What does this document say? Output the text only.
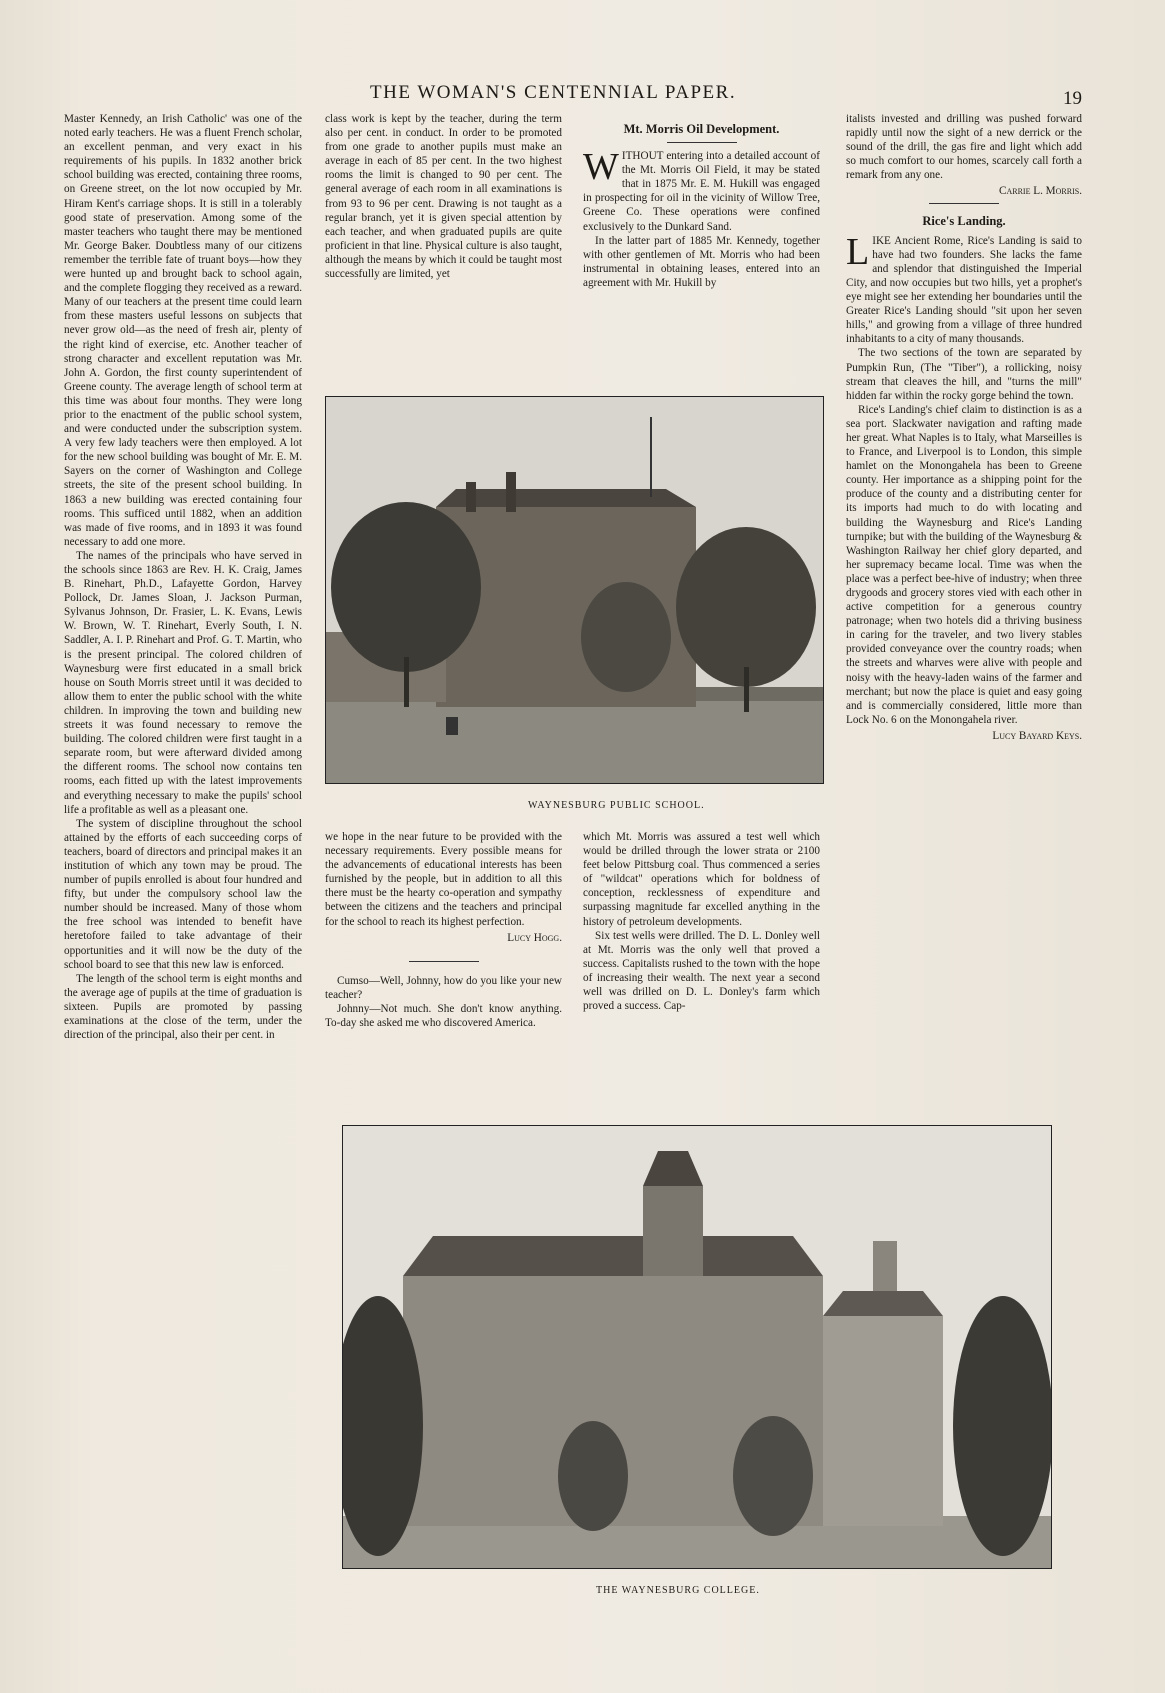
THE WOMAN'S CENTENNIAL PAPER.	19

Master Kennedy, an Irish Catholic' was one of the noted early teachers. He was a fluent French scholar, an excellent penman, and very exact in his requirements of his pupils. In 1832 another brick school building was erected, containing three rooms, on Greene street, on the lot now occupied by Mr. Hiram Kent's carriage shops. It is still in a tolerably good state of preservation. Among some of the master teachers who taught there may be mentioned Mr. George Baker. Doubtless many of our citizens remember the terrible fate of truant boys—how they were hunted up and brought back to school again, and the complete flogging they received as a reward. Many of our teachers at the present time could learn from these masters useful lessons on subjects that never grow old—as the need of fresh air, plenty of the right kind of exercise, etc. Another teacher of strong character and excellent reputation was Mr. John A. Gordon, the first county superintendent of Greene county. The average length of school term at this time was about four months. They were long prior to the enactment of the public school system, and were conducted under the subscription system. A very few lady teachers were then employed. A lot for the new school building was bought of Mr. E. M. Sayers on the corner of Washington and College streets, the site of the present school building. In 1863 a new building was erected containing four rooms. This sufficed until 1882, when an addition was made of five rooms, and in 1893 it was found necessary to add one more.

The names of the principals who have served in the schools since 1863 are Rev. H. K. Craig, James B. Rinehart, Ph.D., Lafayette Gordon, Harvey Pollock, Dr. James Sloan, J. Jackson Purman, Sylvanus Johnson, Dr. Frasier, L. K. Evans, Lewis W. Brown, W. T. Rinehart, Everly South, I. N. Saddler, A. I. P. Rinehart and Prof. G. T. Martin, who is the present principal. The colored children of Waynesburg were first educated in a small brick house on South Morris street until it was decided to allow them to enter the public school with the white children. In improving the town and building new streets it was found necessary to remove the building. The colored children were first taught in a separate room, but were afterward divided among the different rooms. The school now contains ten rooms, each fitted up with the latest improvements and everything necessary to make the pupils' school life a profitable as well as a pleasant one.

The system of discipline throughout the school attained by the efforts of each succeeding corps of teachers, board of directors and principal makes it an institution of which any town may be proud. The number of pupils enrolled is about four hundred and fifty, but under the compulsory school law the number should be increased. Many of those whom the free school was intended to benefit have heretofore failed to take advantage of their opportunities and it will now be the duty of the school board to see that this new law is enforced.

The length of the school term is eight months and the average age of pupils at the time of graduation is sixteen. Pupils are promoted by passing examinations at the close of the term, under the direction of the principal, also their per cent. in

class work is kept by the teacher, during the term also per cent. in conduct. In order to be promoted from one grade to another pupils must make an average in each of 85 per cent. In the two highest rooms the limit is changed to 90 per cent. The general average of each room in all examinations is from 93 to 96 per cent. Drawing is not taught as a regular branch, yet it is given special attention by each teacher, and when graduated pupils are quite proficient in that line. Physical culture is also taught, although the means by which it could be taught most successfully are limited, yet

Mt. Morris Oil Development.

WITHOUT entering into a detailed account of the Mt. Morris Oil Field, it may be stated that in 1875 Mr. E. M. Hukill was engaged in prospecting for oil in the vicinity of Willow Tree, Greene Co. These operations were confined exclusively to the Dunkard Sand.

In the latter part of 1885 Mr. Kennedy, together with other gentlemen of Mt. Morris who had been instrumental in obtaining leases, entered into an agreement with Mr. Hukill by

italists invested and drilling was pushed forward rapidly until now the sight of a new derrick or the sound of the drill, the gas fire and light which add so much comfort to our homes, scarcely call forth a remark from any one.

Carrie L. Morris.
Rice's Landing.

LIKE Ancient Rome, Rice's Landing is said to have had two founders. She lacks the fame and splendor that distinguished the Imperial City, and now occupies but two hills, yet a prophet's eye might see her extending her boundaries until the Greater Rice's Landing should "sit upon her seven hills," and growing from a village of three hundred inhabitants to a city of many thousands.

The two sections of the town are separated by Pumpkin Run, (The "Tiber"), a rollicking, noisy stream that cleaves the hill, and "turns the mill" hidden far within the rocky gorge behind the town.

Rice's Landing's chief claim to distinction is as a sea port. Slackwater navigation and rafting made her great. What Naples is to Italy, what Marseilles is to France, and Liverpool is to London, this simple hamlet on the Monongahela has been to Greene county. Her importance as a shipping point for the produce of the county and a distributing center for its imports had much to do with locating and building the Waynesburg and Rice's Landing turnpike; but with the building of the Waynesburg & Washington Railway her chief glory departed, and her supremacy became local. Time was when the place was a perfect bee-hive of industry; when three drygoods and grocery stores vied with each other in active competition for a generous country patronage; when two hotels did a thriving business in caring for the traveler, and two livery stables provided conveyance over the country roads; when the streets and wharves were alive with people and noisy with the heavy-laden wains of the farmer and merchant; but now the place is quiet and easy going and is commercially considered, little more than Lock No. 6 on the Monongahela river.

Lucy Bayard Keys.
WAYNESBURG PUBLIC SCHOOL.

we hope in the near future to be provided with the necessary requirements. Every possible means for the advancements of educational interests has been furnished by the people, but in addition to all this there must be the hearty co-operation and sympathy between the citizens and the teachers and principal for the school to reach its highest perfection.

Lucy Hogg.

Cumso—Well, Johnny, how do you like your new teacher?

Johnny—Not much. She don't know anything. To-day she asked me who discovered America.

which Mt. Morris was assured a test well which would be drilled through the lower strata or 2100 feet below Pittsburg coal. Thus commenced a series of "wildcat" operations which for boldness of conception, recklessness of expenditure and surpassing magnitude far excelled anything in the history of petroleum developments.

Six test wells were drilled. The D. L. Donley well at Mt. Morris was the only well that proved a success. Capitalists rushed to the town with the hope of increasing their wealth. The next year a second well was drilled on D. L. Donley's farm which proved a success. Cap-

THE WAYNESBURG COLLEGE.
